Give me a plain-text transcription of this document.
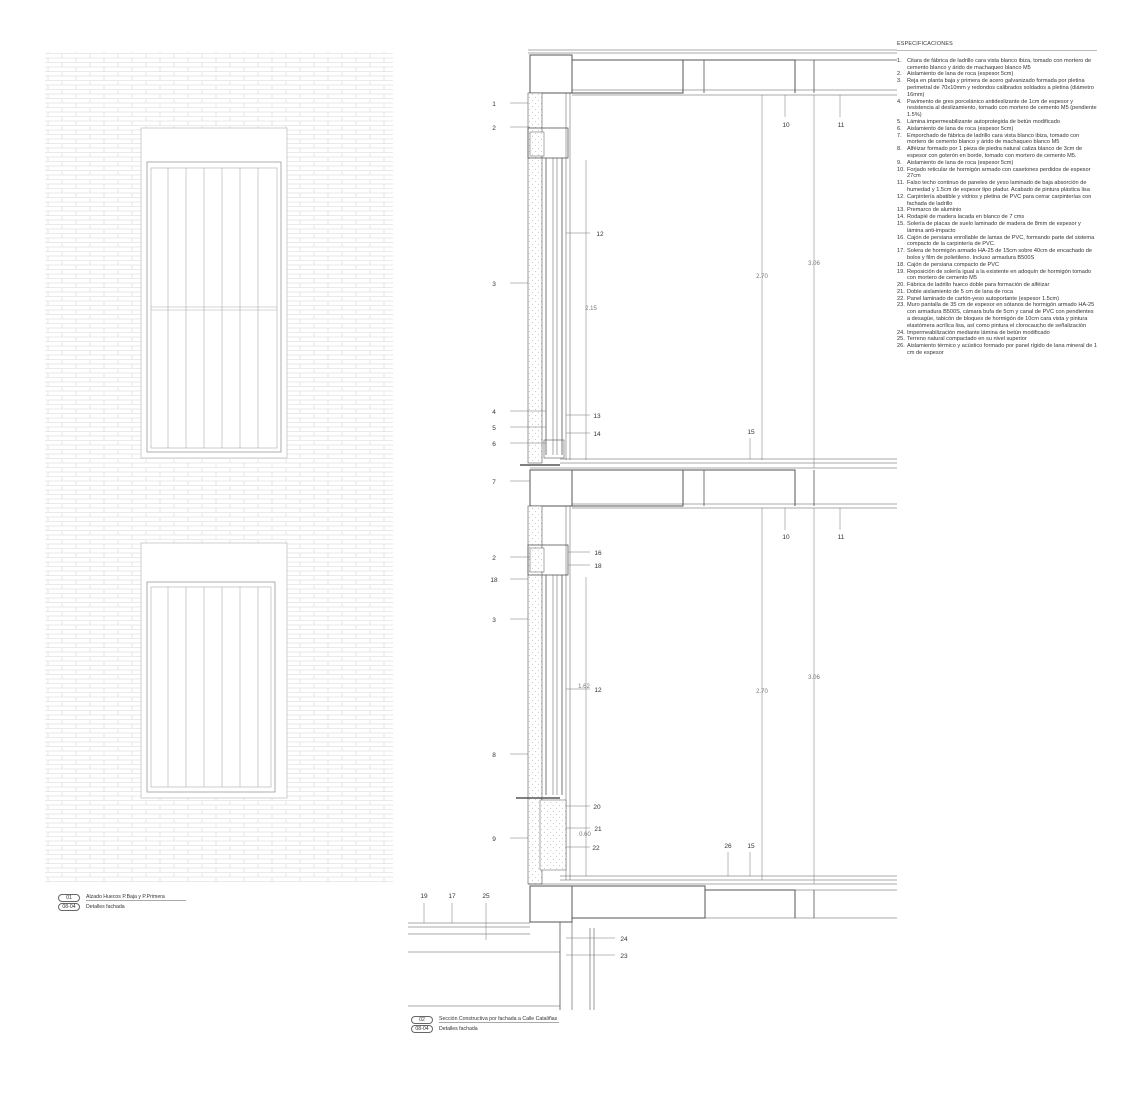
1
2
3
4
5
6
7
2
18
3
8
9
12
13
14
16
18
12
20
21
22
10	11
15
10	11
26 15
19	17	25
24
23
2.15
2.70
3.06
1.62
2.70
3.06
0.60
ESPECIFICACIONES
1. Citara de fábrica de ladrillo cara vista blanco ibiza, tomado con mortero de cemento blanco y árido de machaqueo blanco M5
2. Aislamiento de lana de roca (espesor 5cm)
3. Reja en planta baja y primera de acero galvanizado formada por pletina perimetral de 70x10mm y redondos calibrados soldados a pletina (diámetro 16mm)
4. Pavimento de gres porcelánico antideslizante de 1cm de espesor y resistencia al deslizamiento, tomado con mortero de cemento M5 (pendiente 1.5%)
5. Lámina impermeabilizante autoprotegida de betún modificado
6. Aislamiento de lana de roca (espesor 5cm)
7. Emporchado de fábrica de ladrillo cara vista blanco ibiza, tomado con mortero de cemento blanco y árido de machaqueo blanco M5
8. Alféizar formado por 1 pieza de piedra natural caliza blanco de 3cm de espesor con goterón en borde, tomado con mortero de cemento M5.
9. Aislamiento de lana de roca (espesor 5cm)
10. Forjado reticular de hormigón armado con casetones perdidos de espesor 27cm
11. Falso techo continuo de paneles de yeso laminado de baja absorción de humedad y 1.5cm de espesor tipo pladur. Acabado de pintura plástica lisa
12. Carpintería abatible y vidrios y pletina de PVC para cerrar carpinterías con fachada de ladrillo
13. Premarco de aluminio
14. Rodapié de madera lacada en blanco de 7 cms
15. Solería de placas de suelo laminado de madera de 8mm de espesor y lámina anti-impacto
16. Cajón de persiana enrollable de lamas de PVC, formando parte del sistema compacto de la carpintería de PVC.
17. Solera de hormigón armado HA-25 de 15cm sobre 40cm de encachado de bolos y film de polietileno. Incluso armadura B500S
18. Cajón de persiana compacto de PVC
19. Reposición de solería igual a la existente en adoquín de hormigón tomado con mortero de cemento M5
20. Fábrica de ladrillo hueco doble para formación de alféizar
21. Doble aislamiento de 5 cm de lana de roca
22. Panel laminado de cartón-yeso autoportante (espesor 1.5cm)
23. Muro pantalla de 35 cm de espesor en sótanos de hormigón armado HA-25 con armadura B500S, cámara bufa de 5cm y canal de PVC con pendientes a desagüe, tabicón de bloques de hormigón de 10cm cara vista y pintura elastómera acrílica lisa, así como pintura el clorocaucho de señalización
24. Impermeabilización mediante lámina de betún modificado
25. Terreno natural compactado en su nivel superior
26. Aislamiento térmico y acústico formado por panel rígido de lana mineral de 1 cm de espesor
01	Alzado Huecos P.Baja y P.Primera
08-04	Detalles fachada
02	Sección Constructiva por fachada a Calle Cataliñas
08-04	Detalles fachada
